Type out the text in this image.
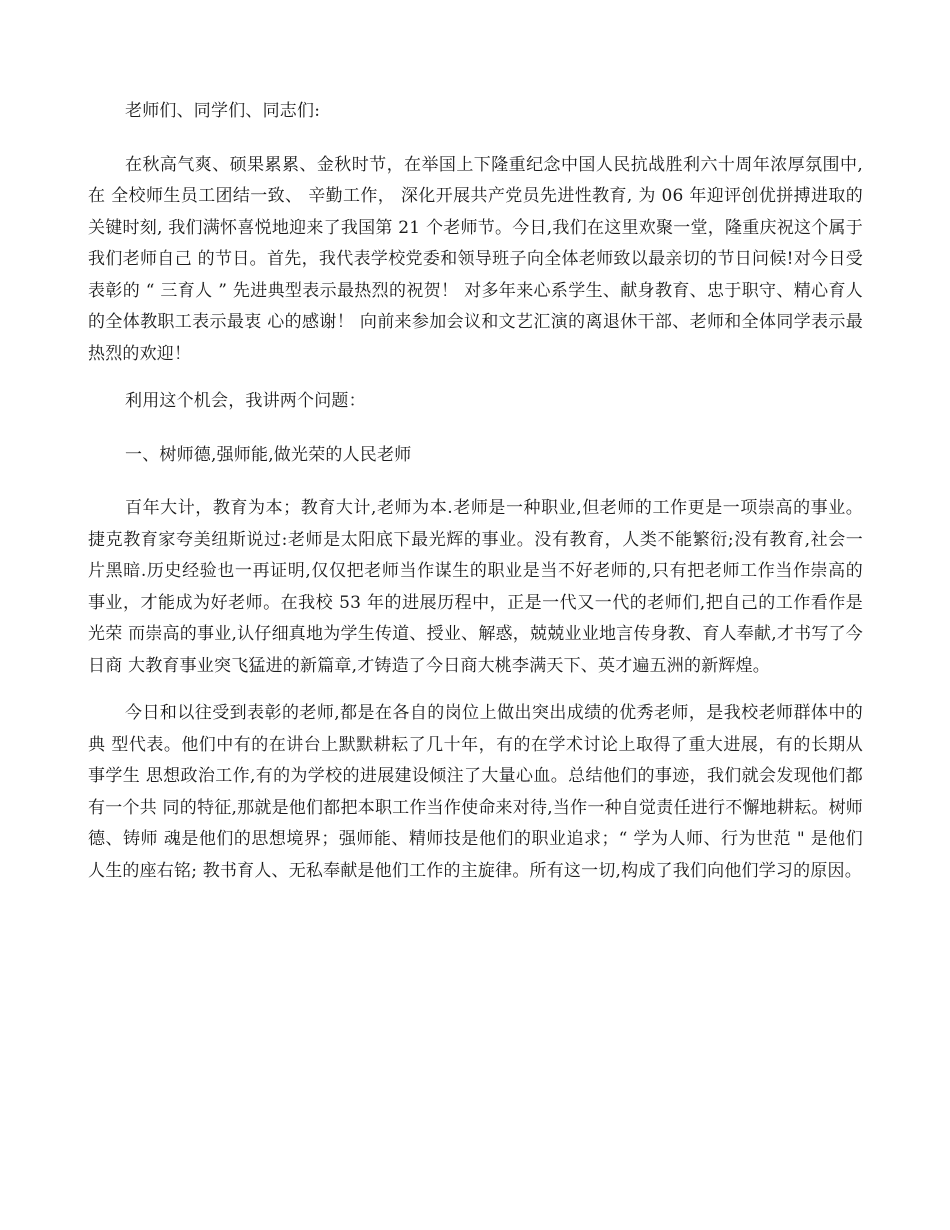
老师们、同学们、同志们:

在秋高气爽、硕果累累、金秋时节，在举国上下隆重纪念中国人民抗战胜利六十周年浓厚氛围中,在 全校师生员工团结一致、 辛勤工作， 深化开展共产党员先进性教育, 为 06 年迎评创优拼搏进取的关键时刻, 我们满怀喜悦地迎来了我国第 21 个老师节。今日,我们在这里欢聚一堂，隆重庆祝这个属于我们老师自己 的节日。首先，我代表学校党委和领导班子向全体老师致以最亲切的节日问候!对今日受表彰的 “ 三育人 ” 先进典型表示最热烈的祝贺！ 对多年来心系学生、献身教育、忠于职守、精心育人的全体教职工表示最衷 心的感谢！ 向前来参加会议和文艺汇演的离退休干部、老师和全体同学表示最热烈的欢迎！

利用这个机会，我讲两个问题：

一、树师德,强师能,做光荣的人民老师

百年大计，教育为本；教育大计,老师为本.老师是一种职业,但老师的工作更是一项崇高的事业。 捷克教育家夸美纽斯说过:老师是太阳底下最光辉的事业。没有教育，人类不能繁衍;没有教育,社会一 片黑暗.历史经验也一再证明,仅仅把老师当作谋生的职业是当不好老师的,只有把老师工作当作崇高的 事业，才能成为好老师。在我校 53 年的进展历程中，正是一代又一代的老师们,把自己的工作看作是光荣 而崇高的事业,认仔细真地为学生传道、授业、解惑，兢兢业业地言传身教、育人奉献,才书写了今日商 大教育事业突飞猛进的新篇章,才铸造了今日商大桃李满天下、英才遍五洲的新辉煌。

今日和以往受到表彰的老师,都是在各自的岗位上做出突出成绩的优秀老师，是我校老师群体中的典 型代表。他们中有的在讲台上默默耕耘了几十年，有的在学术讨论上取得了重大进展，有的长期从事学生 思想政治工作,有的为学校的进展建设倾注了大量心血。总结他们的事迹，我们就会发现他们都有一个共 同的特征,那就是他们都把本职工作当作使命来对待,当作一种自觉责任进行不懈地耕耘。树师德、铸师 魂是他们的思想境界；强师能、精师技是他们的职业追求；“ 学为人师、行为世范 " 是他们人生的座右铭; 教书育人、无私奉献是他们工作的主旋律。所有这一切,构成了我们向他们学习的原因。
